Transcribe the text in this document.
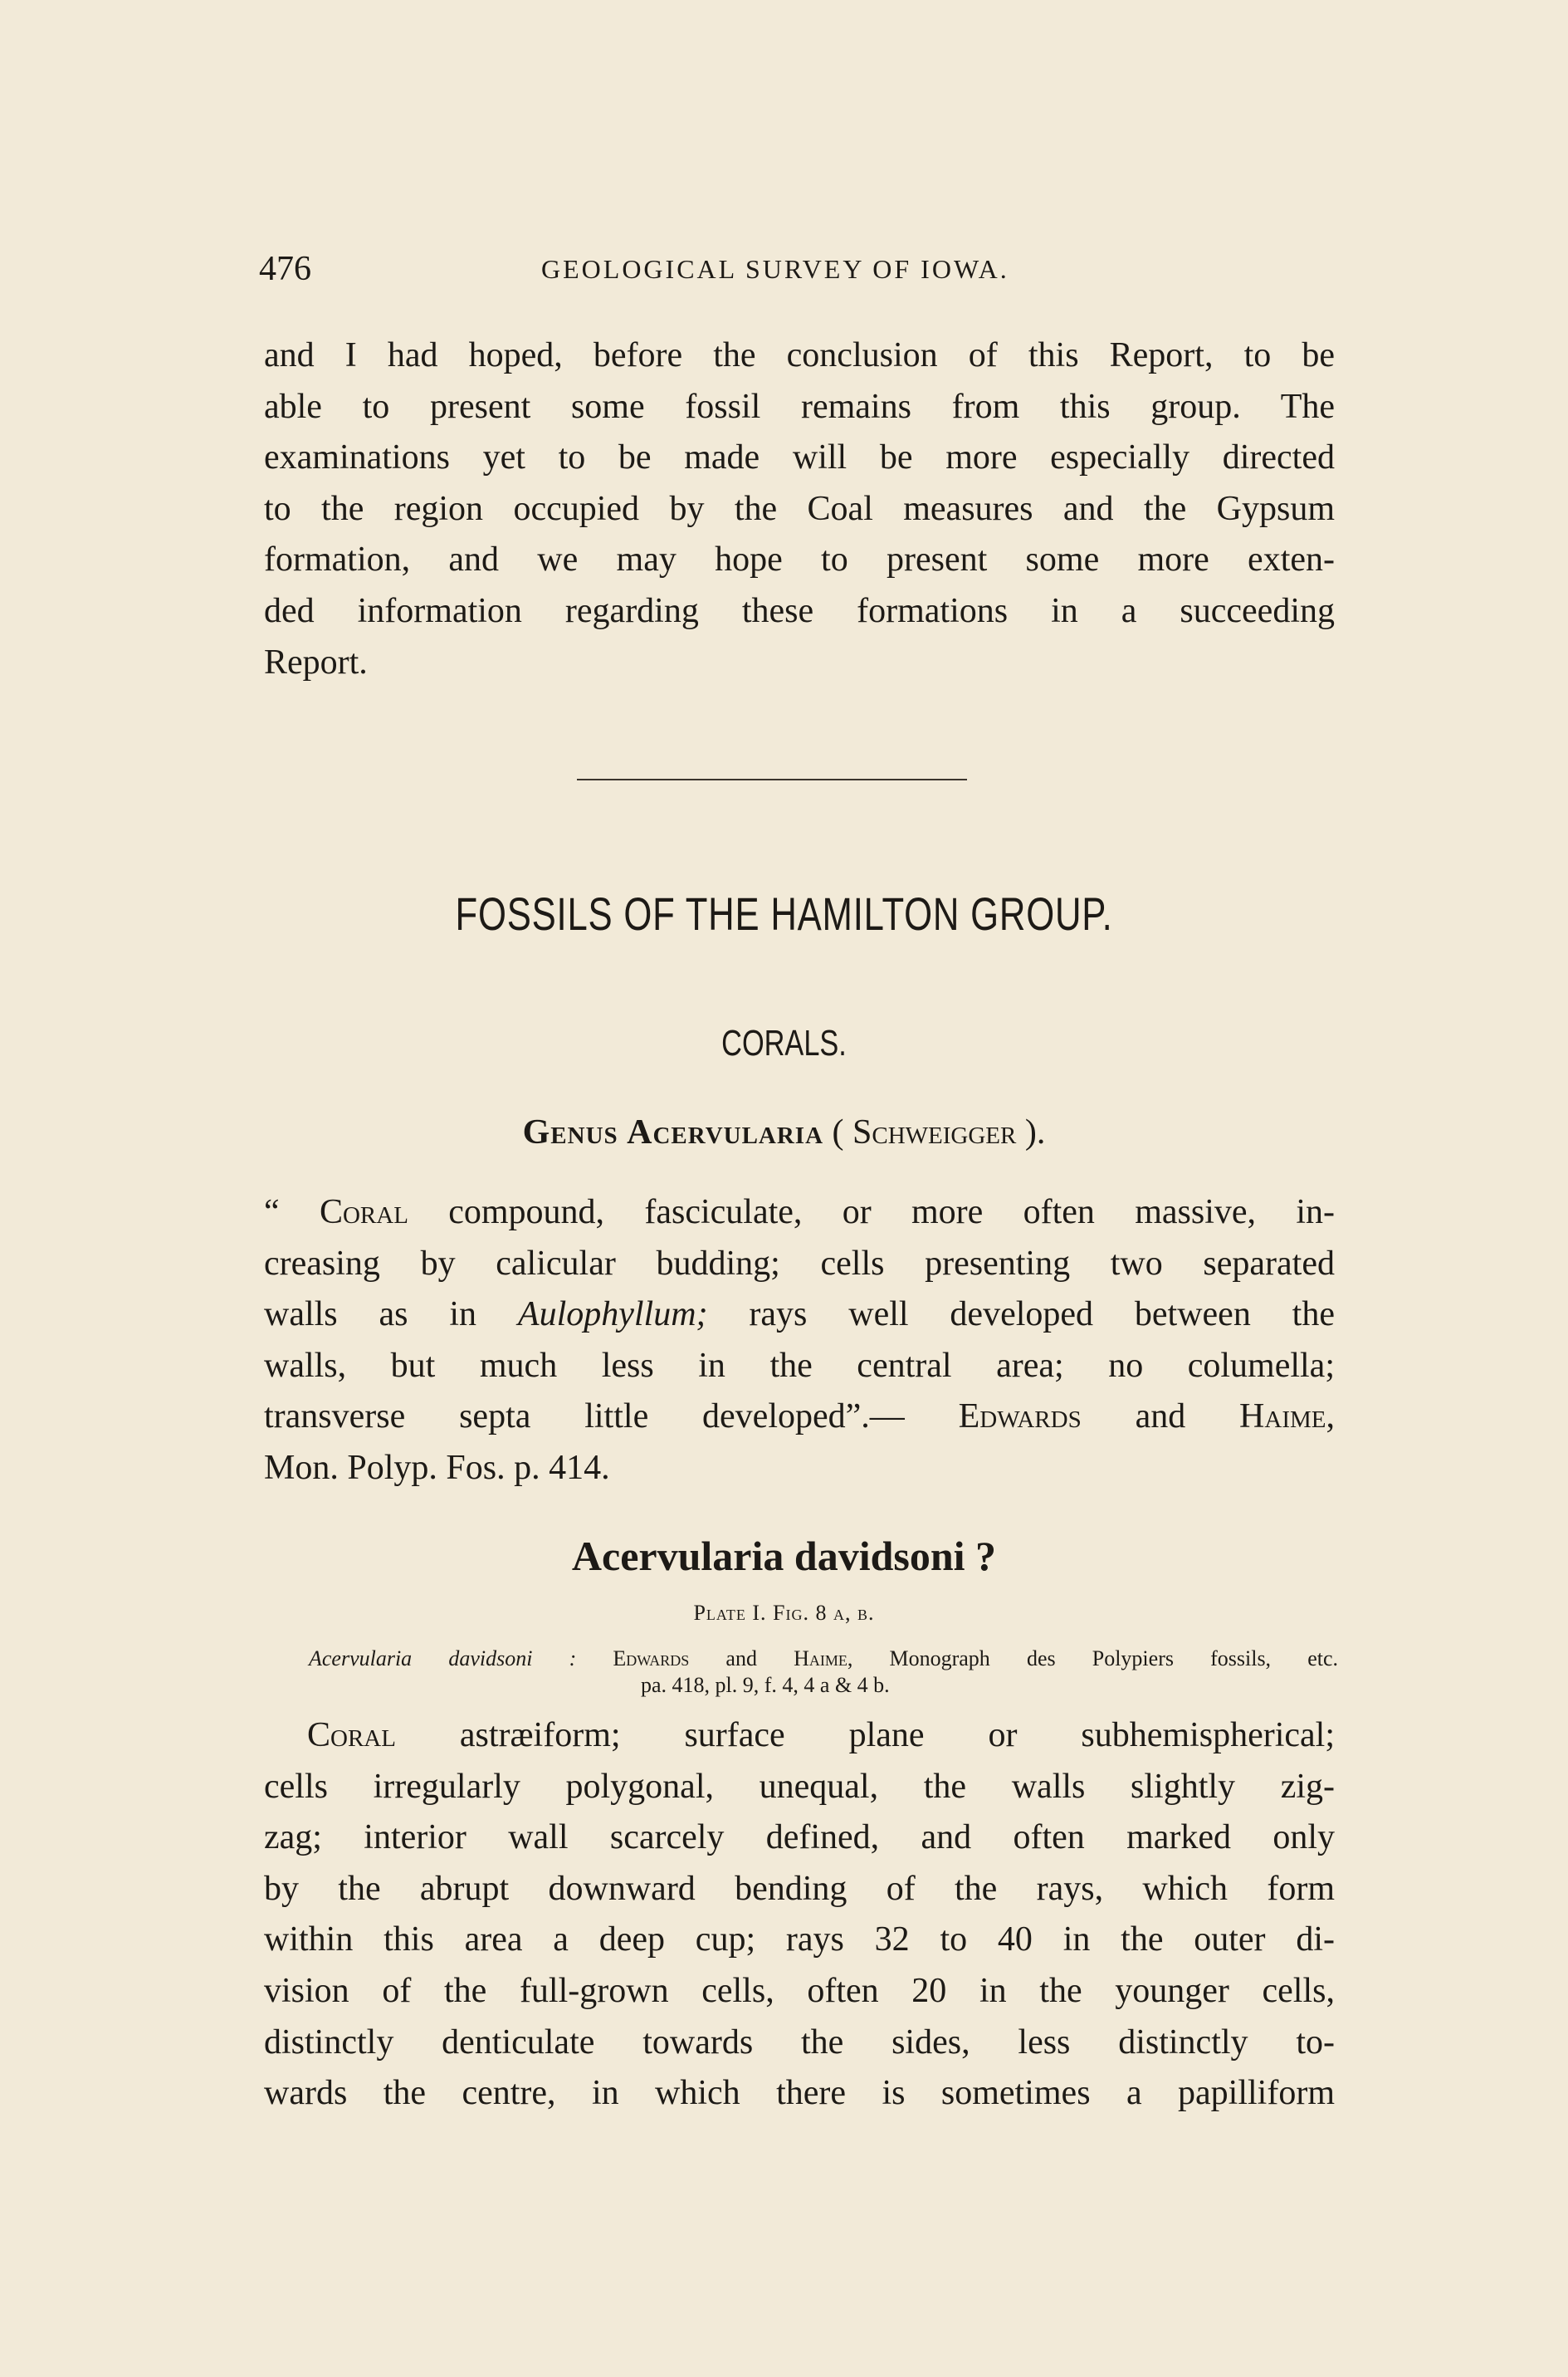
476	GEOLOGICAL SURVEY OF IOWA.

and I had hoped, before the conclusion of this Report, to be
able to present some fossil remains from this group. The
examinations yet to be made will be more especially directed
to the region occupied by the Coal measures and the Gypsum
formation, and we may hope to present some more exten-
ded information regarding these formations in a succeeding
Report.

FOSSILS OF THE HAMILTON GROUP.
CORALS.
Genus Acervularia ( Schweigger ).

“ Coral compound, fasciculate, or more often massive, in-
creasing by calicular budding; cells presenting two separated
walls as in Aulophyllum; rays well developed between the
walls, but much less in the central area; no columella;
transverse septa little developed”.— Edwards and Haime,
Mon. Polyp. Fos. p. 414.

Acervularia davidsoni ?
Plate I. Fig. 8 a, b.
Acervularia davidsoni : Edwards and Haime, Monograph des Polypiers fossils, etc.
pa. 418, pl. 9, f. 4, 4 a & 4 b.

Coral astræiform; surface plane or subhemispherical;
cells irregularly polygonal, unequal, the walls slightly zig-
zag; interior wall scarcely defined, and often marked only
by the abrupt downward bending of the rays, which form
within this area a deep cup; rays 32 to 40 in the outer di-
vision of the full-grown cells, often 20 in the younger cells,
distinctly denticulate towards the sides, less distinctly to-
wards the centre, in which there is sometimes a papilliform
